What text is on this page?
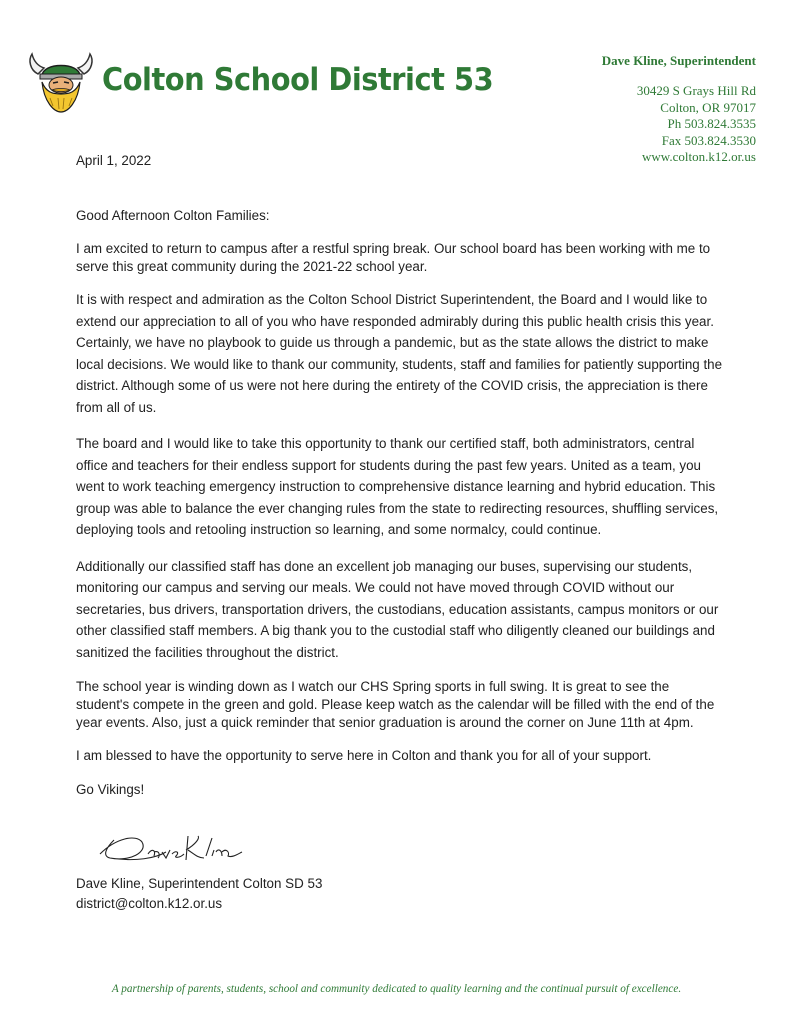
Colton School District 53
Dave Kline, Superintendent
30429 S Grays Hill Rd
Colton, OR 97017
Ph 503.824.3535
Fax 503.824.3530
www.colton.k12.or.us
April 1, 2022

Good Afternoon Colton Families:

I am excited to return to campus after a restful spring break. Our school board has been working with me to serve this great community during the 2021-22 school year.

It is with respect and admiration as the Colton School District Superintendent, the Board and I would like to extend our appreciation to all of you who have responded admirably during this public health crisis this year. Certainly, we have no playbook to guide us through a pandemic, but as the state allows the district to make local decisions. We would like to thank our community, students, staff and families for patiently supporting the district. Although some of us were not here during the entirety of the COVID crisis, the appreciation is there from all of us.

The board and I would like to take this opportunity to thank our certified staff, both administrators, central office and teachers for their endless support for students during the past few years. United as a team, you went to work teaching emergency instruction to comprehensive distance learning and hybrid education. This group was able to balance the ever changing rules from the state to redirecting resources, shuffling services, deploying tools and retooling instruction so learning, and some normalcy, could continue.

Additionally our classified staff has done an excellent job managing our buses, supervising our students, monitoring our campus and serving our meals. We could not have moved through COVID without our secretaries, bus drivers, transportation drivers, the custodians, education assistants, campus monitors or our other classified staff members. A big thank you to the custodial staff who diligently cleaned our buildings and sanitized the facilities throughout the district.

The school year is winding down as I watch our CHS Spring sports in full swing. It is great to see the student's compete in the green and gold. Please keep watch as the calendar will be filled with the end of the year events. Also, just a quick reminder that senior graduation is around the corner on June 11th at 4pm.

I am blessed to have the opportunity to serve here in Colton and thank you for all of your support.

Go Vikings!

Dave Kline, Superintendent Colton SD 53
district@colton.k12.or.us
A partnership of parents, students, school and community dedicated to quality learning and the continual pursuit of excellence.
